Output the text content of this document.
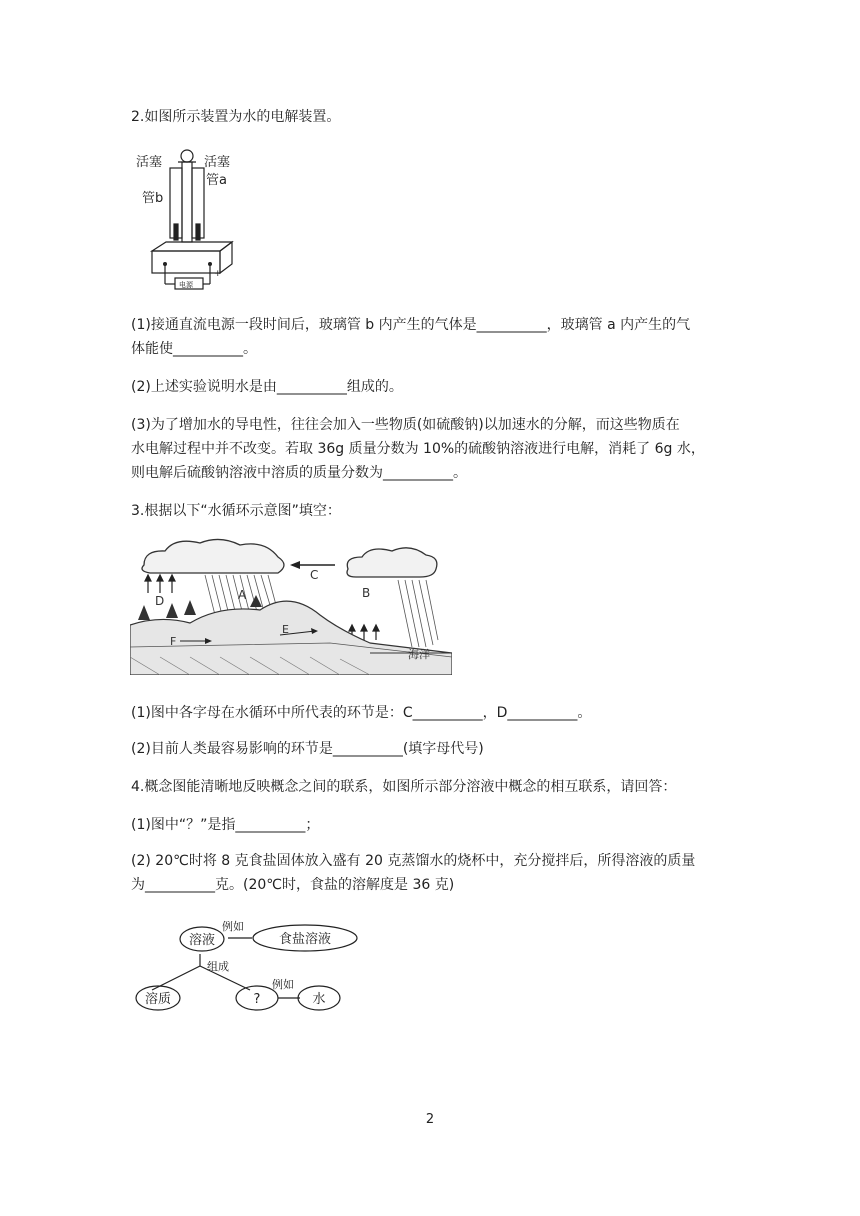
2.如图所示装置为水的电解装置。
活塞	活塞
管a
管b
电源
−	+
(1)接通直流电源一段时间后，玻璃管 b 内产生的气体是__________，玻璃管 a 内产生的气
体能使__________。
(2)上述实验说明水是由__________组成的。
(3)为了增加水的导电性，往往会加入一些物质(如硫酸钠)以加速水的分解，而这些物质在
水电解过程中并不改变。若取 36g 质量分数为 10%的硫酸钠溶液进行电解，消耗了 6g 水，
则电解后硫酸钠溶液中溶质的质量分数为__________。
3.根据以下“水循环示意图”填空：
A	B
C
D
E
F
海洋
(1)图中各字母在水循环中所代表的环节是：C__________，D__________。
(2)目前人类最容易影响的环节是__________(填字母代号)
4.概念图能清晰地反映概念之间的联系，如图所示部分溶液中概念的相互联系，请回答：
(1)图中“？”是指__________；
(2) 20℃时将 8 克食盐固体放入盛有 20 克蒸馏水的烧杯中，充分搅拌后，所得溶液的质量
为__________克。(20℃时，食盐的溶解度是 36 克)
溶液
例如
食盐溶液
组成
溶质	?
例如
水
2
